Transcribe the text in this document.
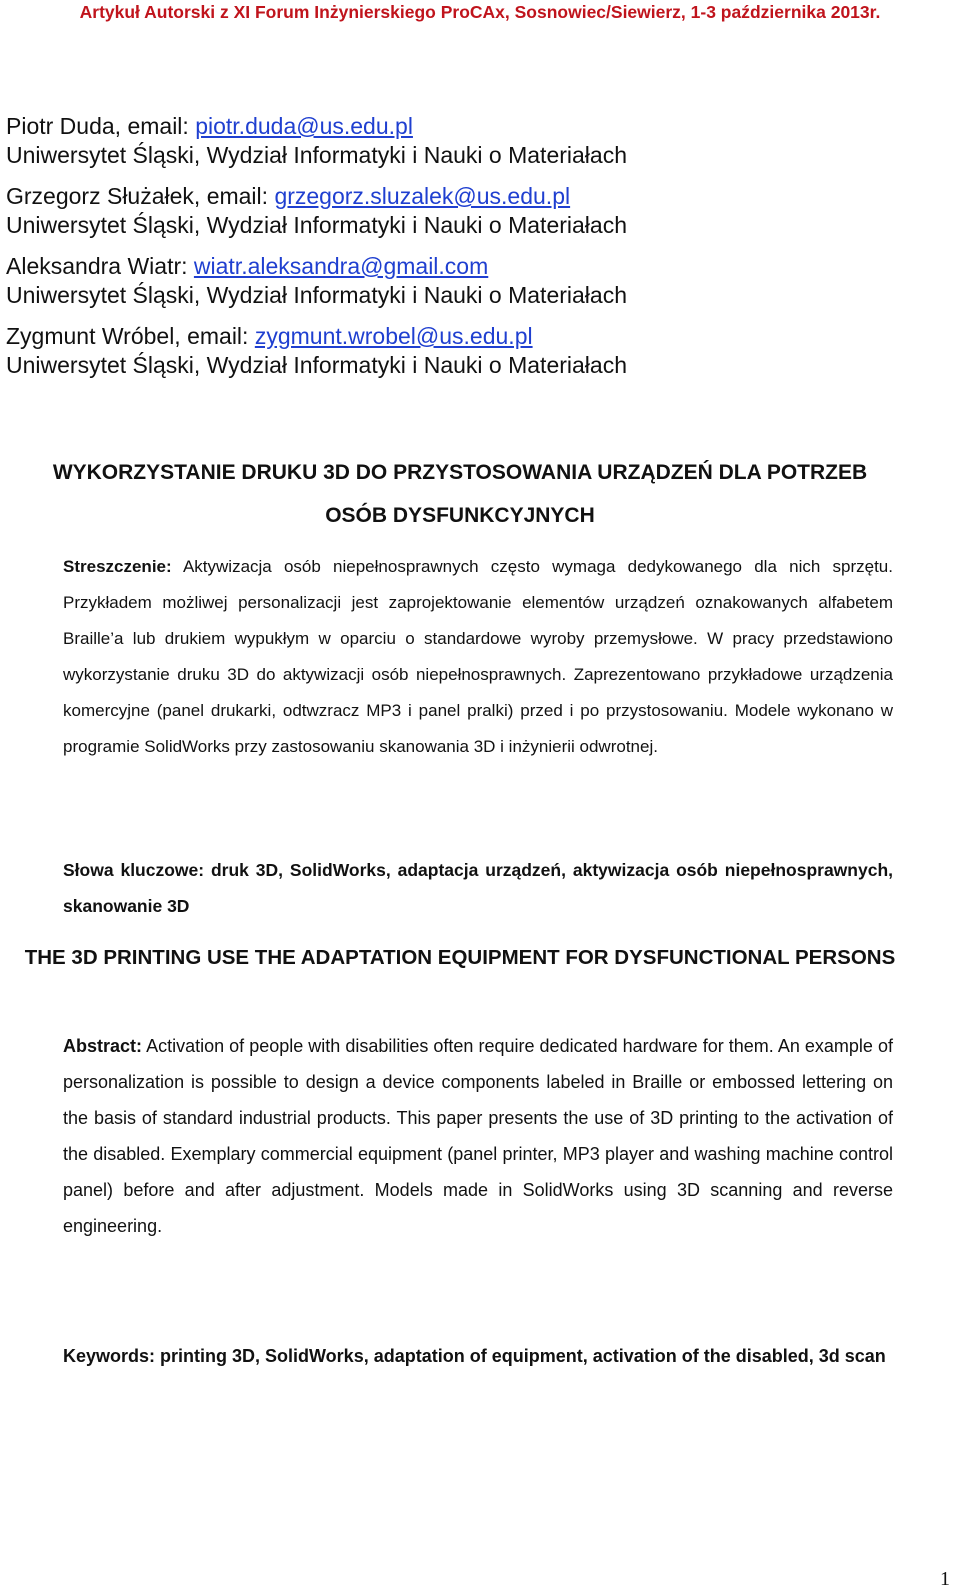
Artykuł Autorski z XI Forum Inżynierskiego ProCAx, Sosnowiec/Siewierz, 1-3 października 2013r.
Piotr Duda, email: piotr.duda@us.edu.pl
Uniwersytet Śląski, Wydział Informatyki i Nauki o Materiałach
Grzegorz Służałek, email: grzegorz.sluzalek@us.edu.pl
Uniwersytet Śląski, Wydział Informatyki i Nauki o Materiałach
Aleksandra Wiatr: wiatr.aleksandra@gmail.com
Uniwersytet Śląski, Wydział Informatyki i Nauki o Materiałach
Zygmunt Wróbel, email: zygmunt.wrobel@us.edu.pl
Uniwersytet Śląski, Wydział Informatyki i Nauki o Materiałach
WYKORZYSTANIE DRUKU 3D DO PRZYSTOSOWANIA URZĄDZEŃ DLA POTRZEB OSÓB DYSFUNKCYJNYCH
Streszczenie: Aktywizacja osób niepełnosprawnych często wymaga dedykowanego dla nich sprzętu. Przykładem możliwej personalizacji jest zaprojektowanie elementów urządzeń oznakowanych alfabetem Braille’a lub drukiem wypukłym w oparciu o standardowe wyroby przemysłowe. W pracy przedstawiono wykorzystanie druku 3D do aktywizacji osób niepełnosprawnych. Zaprezentowano przykładowe urządzenia komercyjne (panel drukarki, odtwzracz MP3 i panel pralki) przed i po przystosowaniu. Modele wykonano w programie SolidWorks przy zastosowaniu skanowania 3D i inżynierii odwrotnej.
Słowa kluczowe: druk 3D, SolidWorks, adaptacja urządzeń, aktywizacja osób niepełnosprawnych, skanowanie 3D
THE 3D PRINTING USE THE ADAPTATION EQUIPMENT FOR DYSFUNCTIONAL PERSONS
Abstract: Activation of people with disabilities often require dedicated hardware for them. An example of personalization is possible to design a device components labeled in Braille or embossed lettering on the basis of standard industrial products. This paper presents the use of 3D printing to the activation of the disabled. Exemplary commercial equipment (panel printer, MP3 player and washing machine control panel) before and after adjustment. Models made in SolidWorks using 3D scanning and reverse engineering.
Keywords: printing 3D, SolidWorks, adaptation of equipment, activation of the disabled, 3d scan
1
